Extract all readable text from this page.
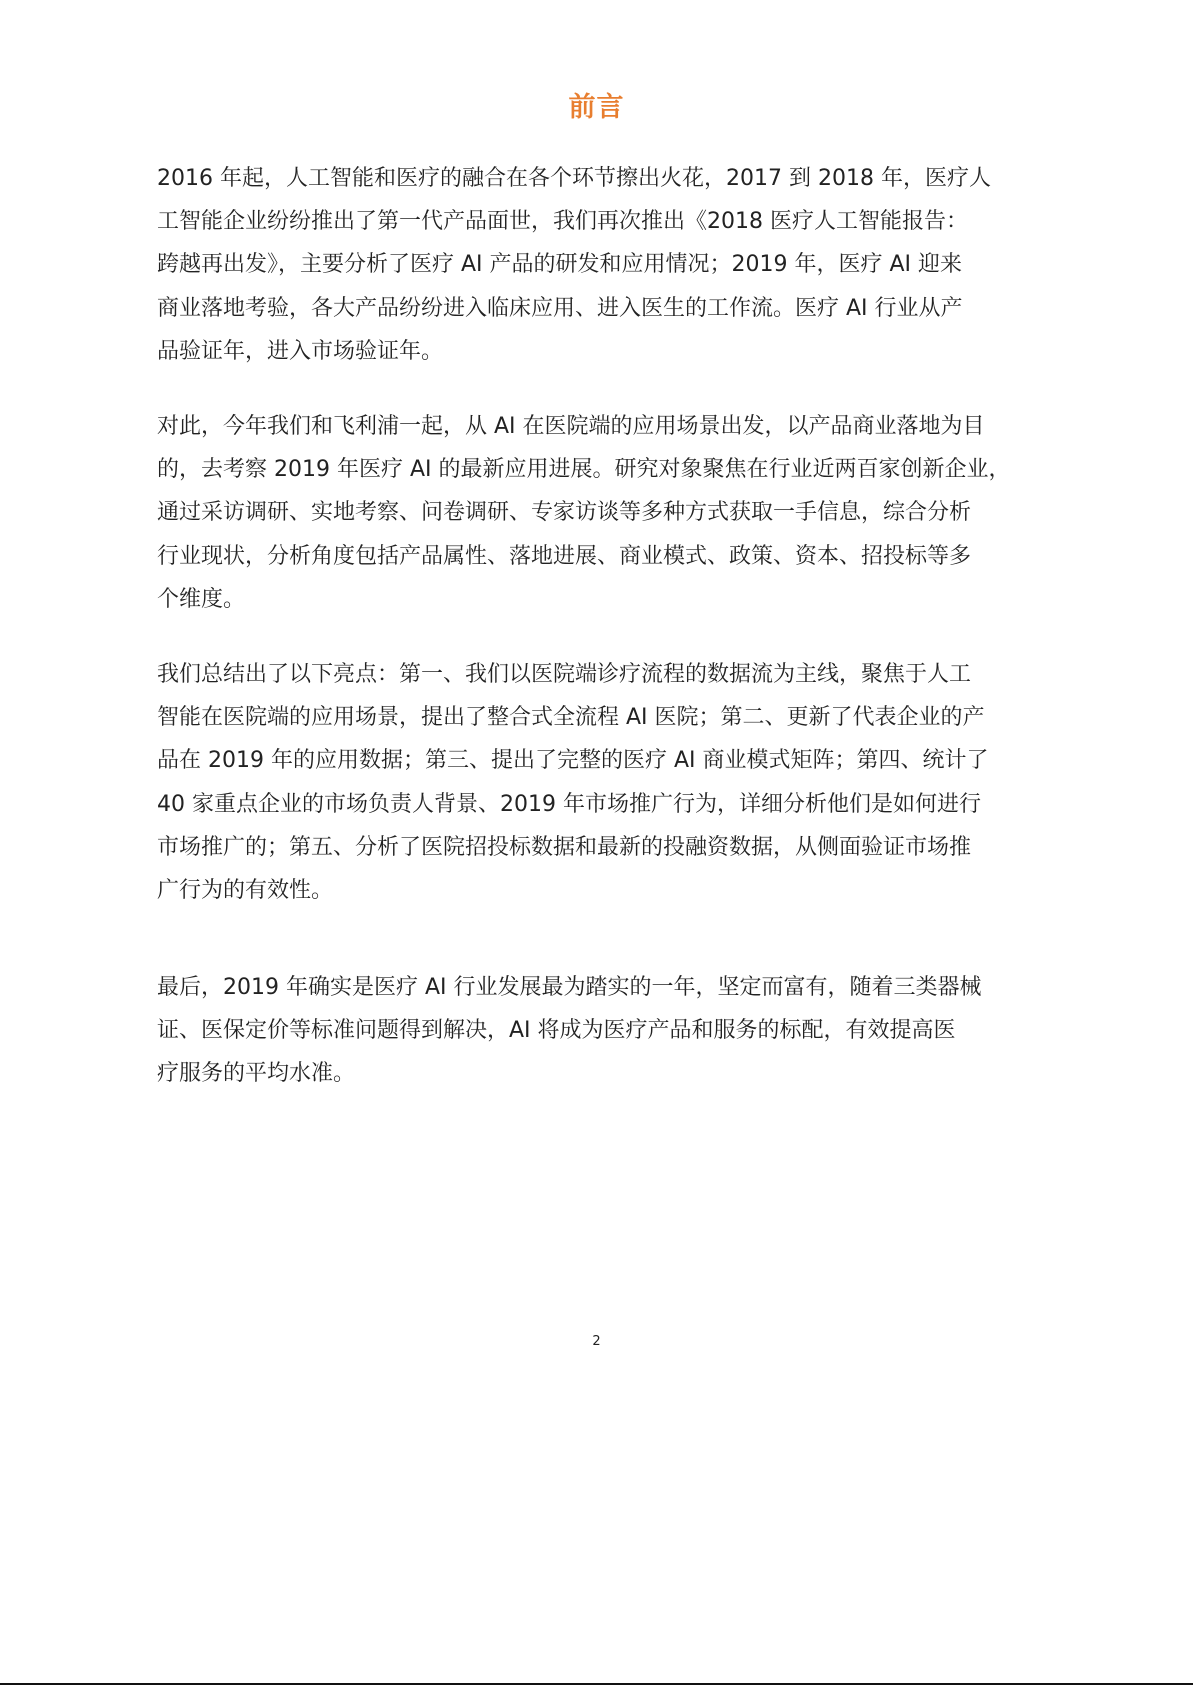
前言
2016 年起，人工智能和医疗的融合在各个环节擦出火花，2017 到 2018 年，医疗人
工智能企业纷纷推出了第一代产品面世，我们再次推出《2018 医疗人工智能报告：
跨越再出发》，主要分析了医疗 AI 产品的研发和应用情况；2019 年，医疗 AI 迎来
商业落地考验，各大产品纷纷进入临床应用、进入医生的工作流。医疗 AI 行业从产
品验证年，进入市场验证年。
对此，今年我们和飞利浦一起，从 AI 在医院端的应用场景出发，以产品商业落地为目
的，去考察 2019 年医疗 AI 的最新应用进展。研究对象聚焦在行业近两百家创新企业，
通过采访调研、实地考察、问卷调研、专家访谈等多种方式获取一手信息，综合分析
行业现状，分析角度包括产品属性、落地进展、商业模式、政策、资本、招投标等多
个维度。
我们总结出了以下亮点：第一、我们以医院端诊疗流程的数据流为主线，聚焦于人工
智能在医院端的应用场景，提出了整合式全流程 AI 医院；第二、更新了代表企业的产
品在 2019 年的应用数据；第三、提出了完整的医疗 AI 商业模式矩阵；第四、统计了
40 家重点企业的市场负责人背景、2019 年市场推广行为，详细分析他们是如何进行
市场推广的；第五、分析了医院招投标数据和最新的投融资数据，从侧面验证市场推
广行为的有效性。
最后，2019 年确实是医疗 AI 行业发展最为踏实的一年，坚定而富有，随着三类器械
证、医保定价等标准问题得到解决，AI 将成为医疗产品和服务的标配，有效提高医
疗服务的平均水准。
2
